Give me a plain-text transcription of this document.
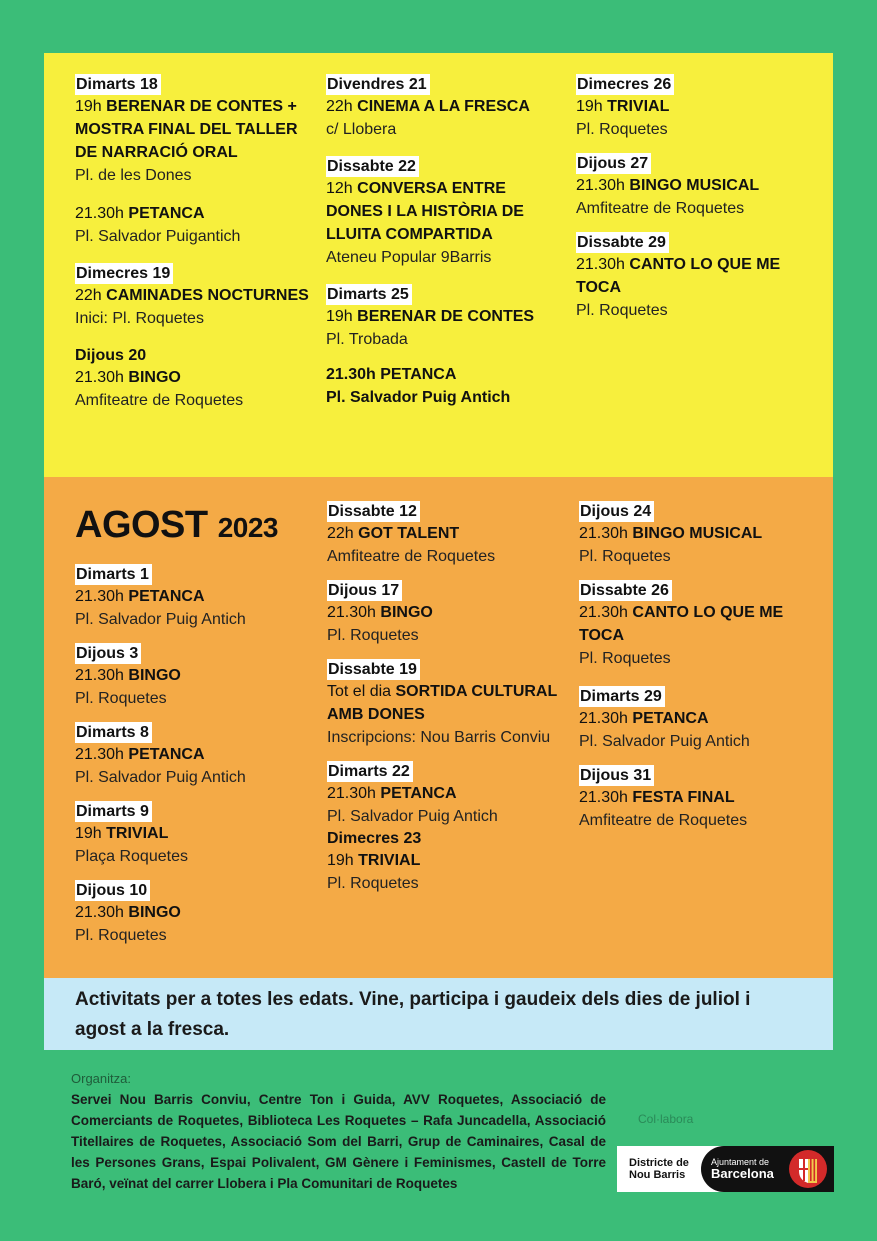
Dimarts 18
19h BERENAR DE CONTES + MOSTRA FINAL DEL TALLER DE NARRACIÓ ORAL
Pl. de les Dones
21.30h PETANCA
Pl. Salvador Puigantich
Dimecres 19
22h CAMINADES NOCTURNES
Inici: Pl. Roquetes
Dijous 20
21.30h BINGO
Amfiteatre de Roquetes
Divendres 21
22h CINEMA A LA FRESCA
c/ Llobera
Dissabte 22
12h CONVERSA ENTRE DONES I LA HISTÒRIA DE LLUITA COMPARTIDA
Ateneu Popular 9Barris
Dimarts 25
19h BERENAR DE CONTES
Pl. Trobada
21.30h PETANCA
Pl. Salvador Puig Antich
Dimecres 26
19h TRIVIAL
Pl. Roquetes
Dijous 27
21.30h BINGO MUSICAL
Amfiteatre de Roquetes
Dissabte 29
21.30h CANTO LO QUE ME TOCA
Pl. Roquetes
AGOST 2023
Dimarts 1
21.30h PETANCA
Pl. Salvador Puig Antich
Dijous 3
21.30h BINGO
Pl. Roquetes
Dimarts 8
21.30h PETANCA
Pl. Salvador Puig Antich
Dimarts 9
19h TRIVIAL
Plaça Roquetes
Dijous 10
21.30h BINGO
Pl. Roquetes
Dissabte 12
22h GOT TALENT
Amfiteatre de Roquetes
Dijous 17
21.30h BINGO
Pl. Roquetes
Dissabte 19
Tot el dia SORTIDA CULTURAL AMB DONES
Inscripcions: Nou Barris Conviu
Dimarts 22
21.30h PETANCA
Pl. Salvador Puig Antich
Dimecres 23
19h TRIVIAL
Pl. Roquetes
Dijous 24
21.30h BINGO MUSICAL
Pl. Roquetes
Dissabte 26
21.30h CANTO LO QUE ME TOCA
Pl. Roquetes
Dimarts 29
21.30h PETANCA
Pl. Salvador Puig Antich
Dijous 31
21.30h FESTA FINAL
Amfiteatre de Roquetes
Activitats per a totes les edats. Vine, participa i gaudeix dels dies de juliol i agost a la fresca.
Organitza:
Servei Nou Barris Conviu, Centre Ton i Guida, AVV Roquetes, Associació de Comerciants de Roquetes, Biblioteca Les Roquetes – Rafa Juncadella, Associació Titellaires de Roquetes, Associació Som del Barri, Grup de Caminaires, Casal de les Persones Grans, Espai Polivalent, GM Gènere i Feminismes, Castell de Torre Baró, veïnat del carrer Llobera i Pla Comunitari de Roquetes
Col·labora
Districte de
Nou Barris
Ajuntament de
Barcelona
